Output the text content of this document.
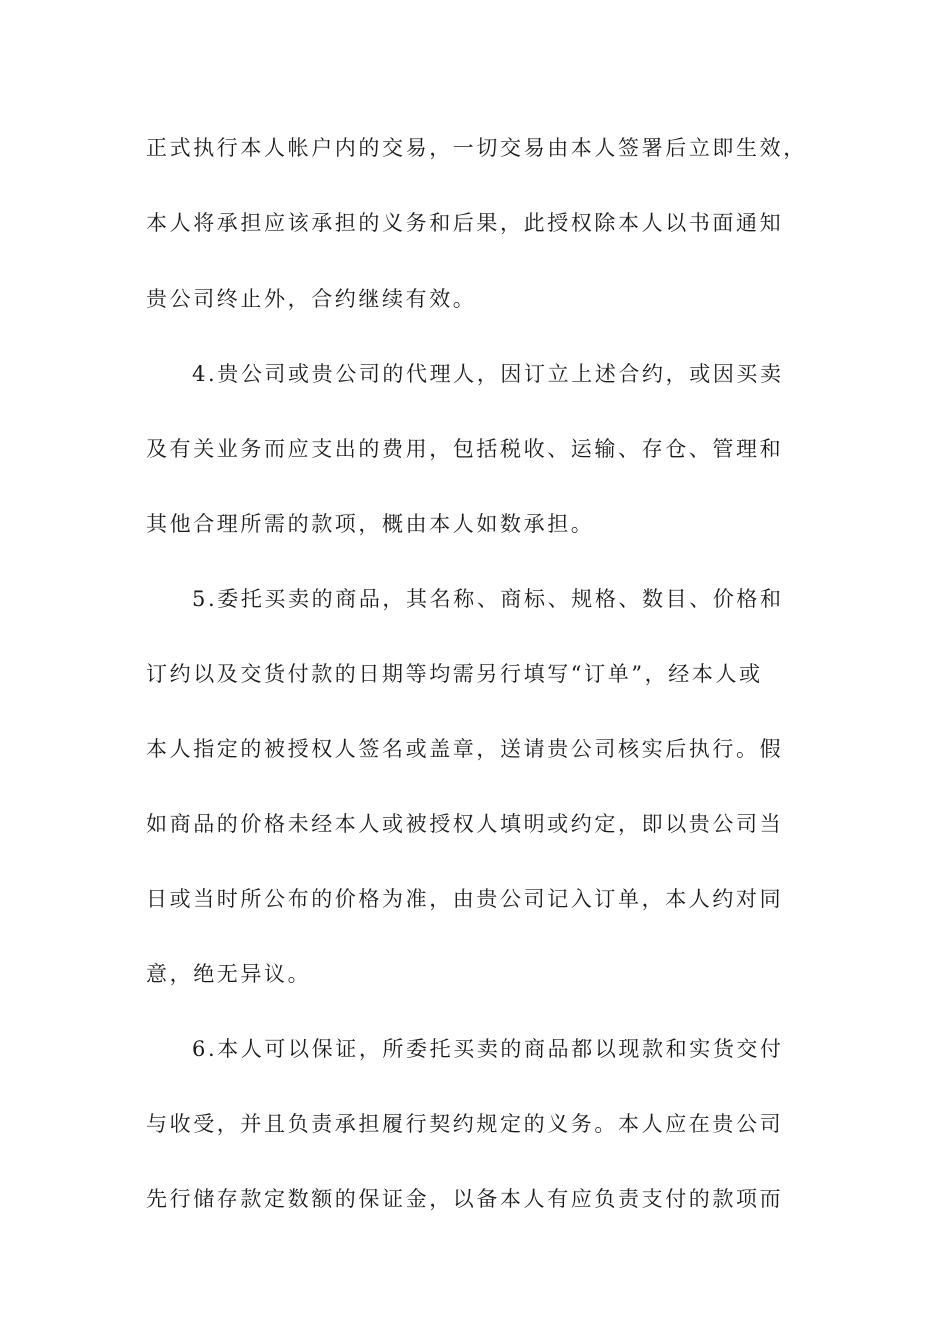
正式执行本人帐户内的交易，一切交易由本人签署后立即生效，
本人将承担应该承担的义务和后果，此授权除本人以书面通知
贵公司终止外，合约继续有效。
4.贵公司或贵公司的代理人，因订立上述合约，或因买卖
及有关业务而应支出的费用，包括税收、运输、存仓、管理和
其他合理所需的款项，概由本人如数承担。
5.委托买卖的商品，其名称、商标、规格、数目、价格和
订约以及交货付款的日期等均需另行填写“订单”，经本人或
本人指定的被授权人签名或盖章，送请贵公司核实后执行。假
如商品的价格未经本人或被授权人填明或约定，即以贵公司当
日或当时所公布的价格为准，由贵公司记入订单，本人约对同
意，绝无异议。
6.本人可以保证，所委托买卖的商品都以现款和实货交付
与收受，并且负责承担履行契约规定的义务。本人应在贵公司
先行储存款定数额的保证金，以备本人有应负责支付的款项而
